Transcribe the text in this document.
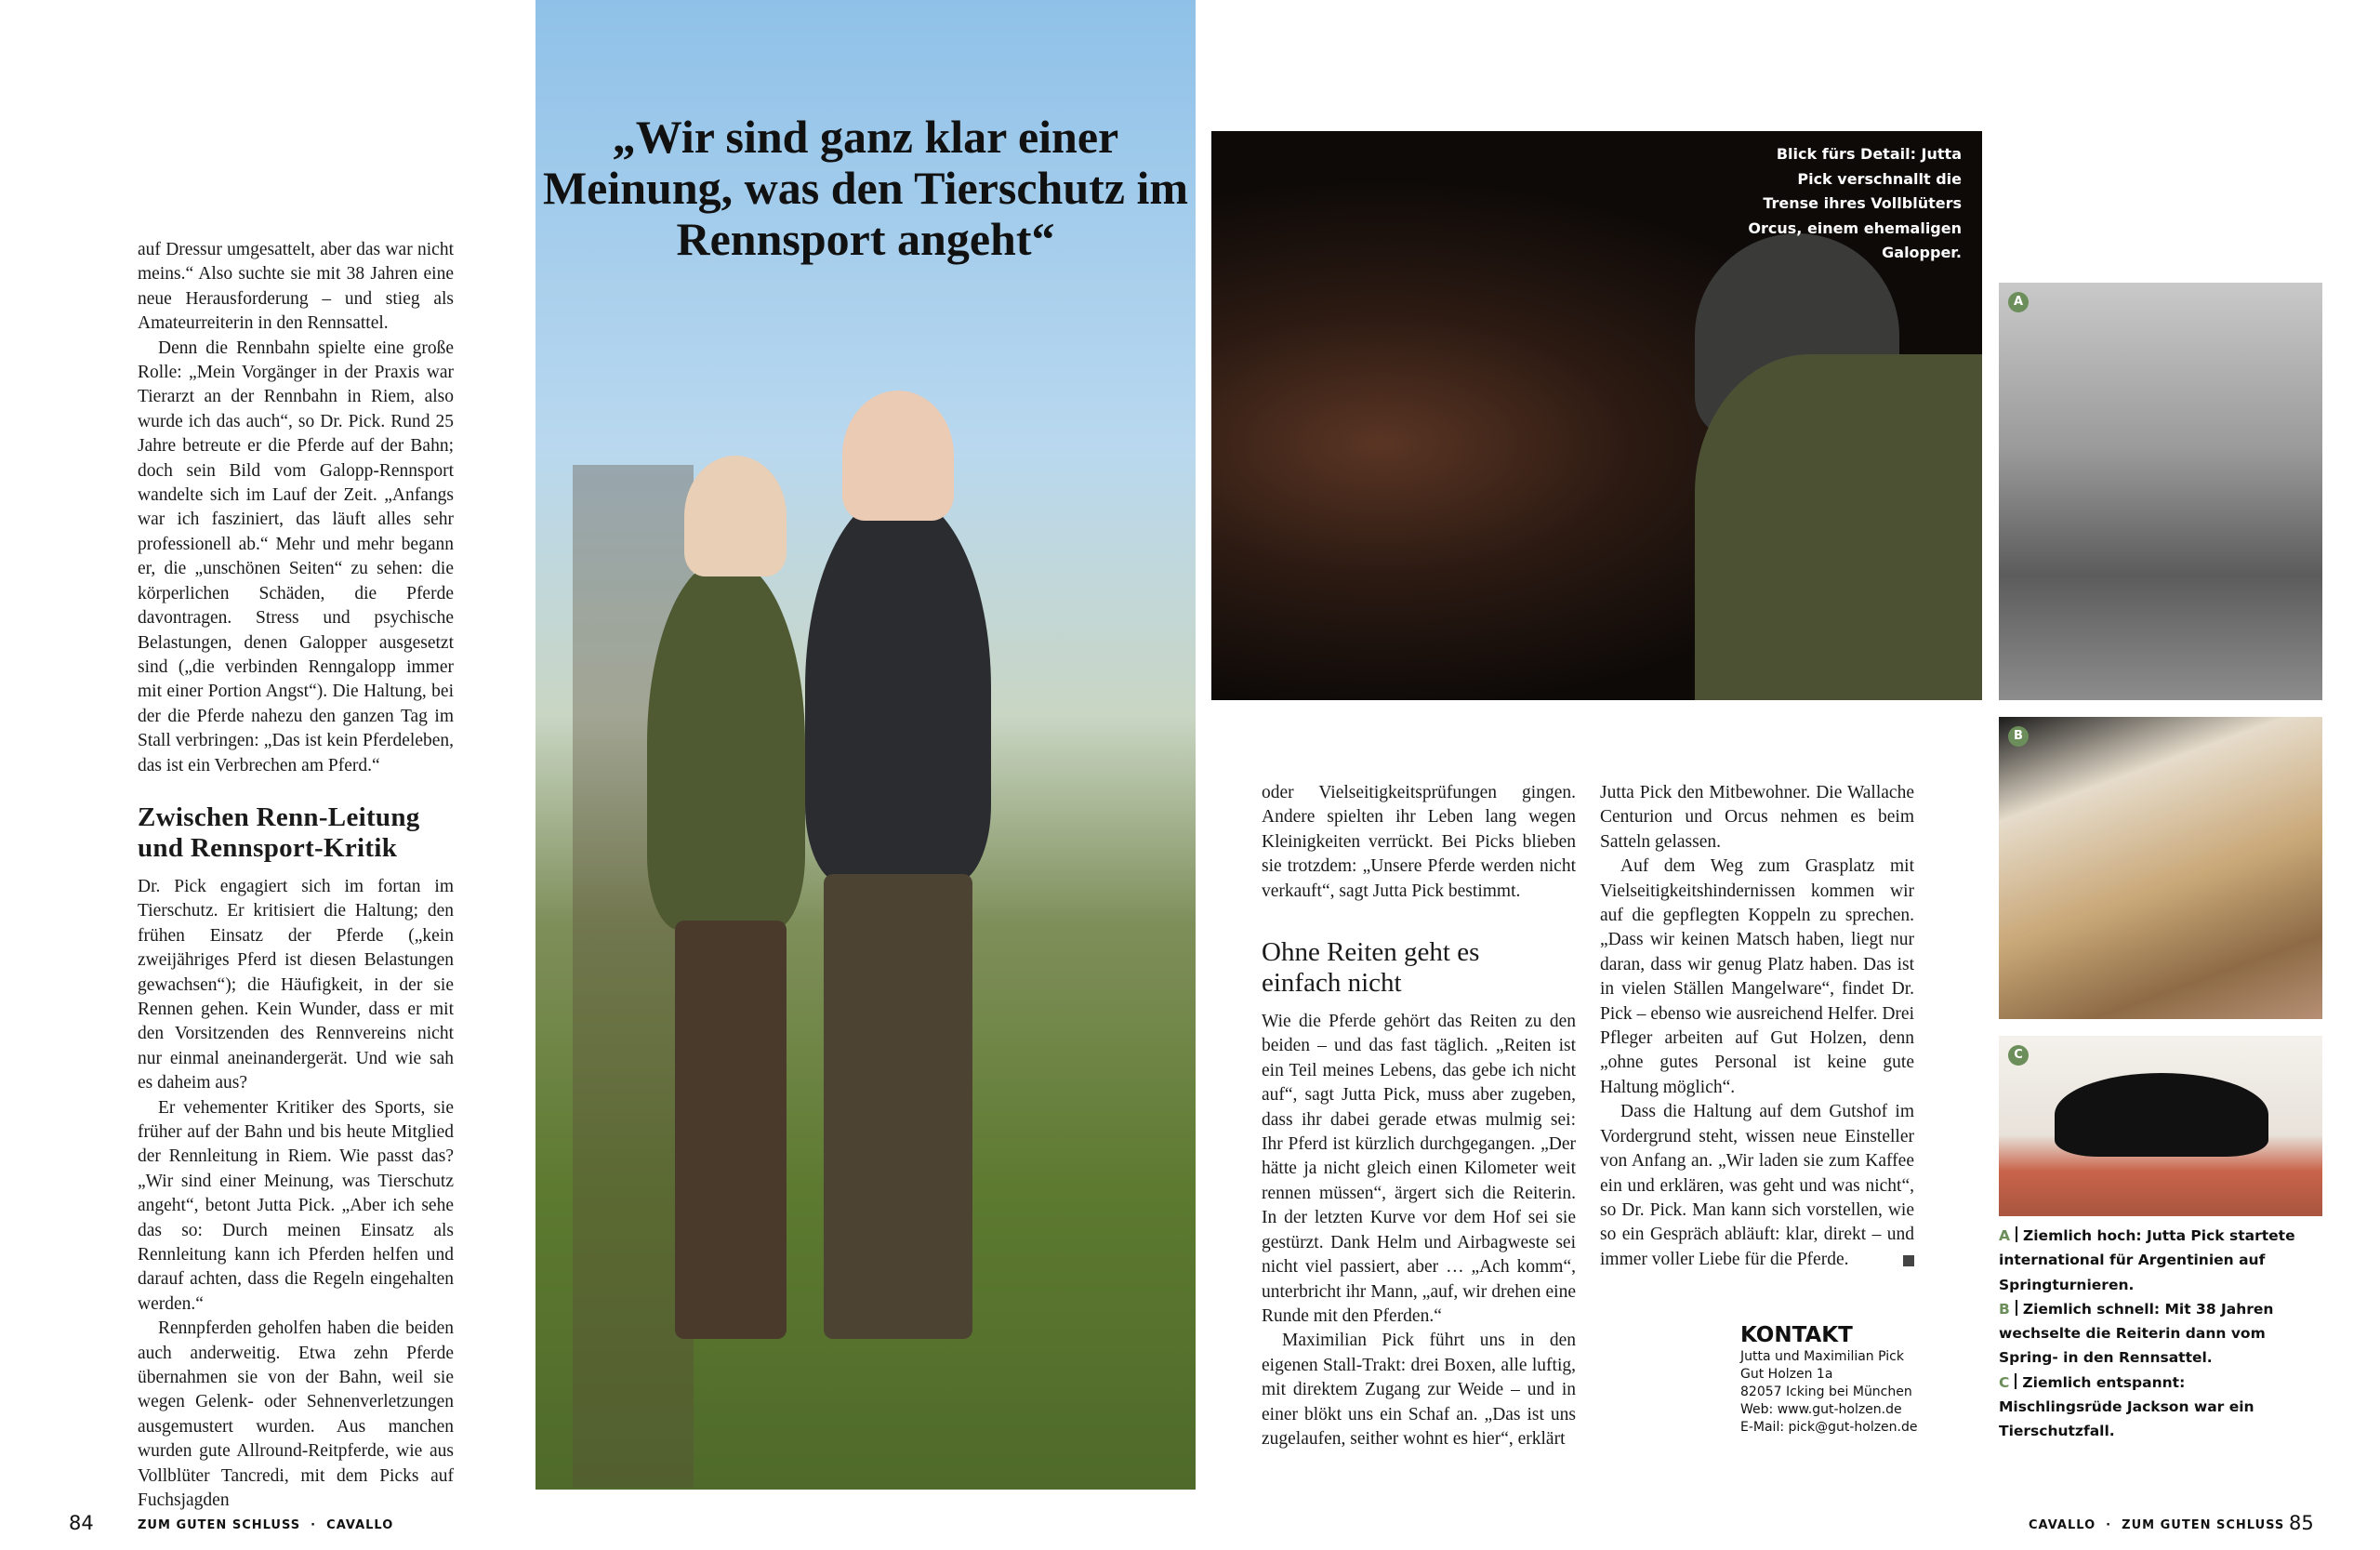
auf Dressur umgesattelt, aber das war nicht meins.“ Also suchte sie mit 38 Jahren eine neue Herausforderung – und stieg als Amateurreiterin in den Rennsattel.

Denn die Rennbahn spielte eine große Rolle: „Mein Vorgänger in der Praxis war Tierarzt an der Rennbahn in Riem, also wurde ich das auch“, so Dr. Pick. Rund 25 Jahre betreute er die Pferde auf der Bahn; doch sein Bild vom Galopp-Rennsport wandelte sich im Lauf der Zeit. „Anfangs war ich fasziniert, das läuft alles sehr professionell ab.“ Mehr und mehr begann er, die „unschönen Seiten“ zu sehen: die körperlichen Schäden, die Pferde davontragen. Stress und psychische Belastungen, denen Galopper ausgesetzt sind („die verbinden Renngalopp immer mit einer Portion Angst“). Die Haltung, bei der die Pferde nahezu den ganzen Tag im Stall verbringen: „Das ist kein Pferdeleben, das ist ein Verbrechen am Pferd.“

Zwischen Renn-Leitung und Rennsport-Kritik

Dr. Pick engagiert sich im fortan im Tierschutz. Er kritisiert die Haltung; den frühen Einsatz der Pferde („kein zweijähriges Pferd ist diesen Belastungen gewachsen“); die Häufigkeit, in der sie Rennen gehen. Kein Wunder, dass er mit den Vorsitzenden des Rennvereins nicht nur einmal aneinandergerät. Und wie sah es daheim aus?

Er vehementer Kritiker des Sports, sie früher auf der Bahn und bis heute Mitglied der Rennleitung in Riem. Wie passt das? „Wir sind einer Meinung, was Tierschutz angeht“, betont Jutta Pick. „Aber ich sehe das so: Durch meinen Einsatz als Rennleitung kann ich Pferden helfen und darauf achten, dass die Regeln eingehalten werden.“

Rennpferden geholfen haben die beiden auch anderweitig. Etwa zehn Pferde übernahmen sie von der Bahn, weil sie wegen Gelenk- oder Sehnenverletzungen ausgemustert wurden. Aus manchen wurden gute Allround-Reitpferde, wie aus Vollblüter Tancredi, mit dem Picks auf Fuchsjagden

„Wir sind ganz klar einer Meinung, was den Tierschutz im Rennsport angeht“
Blick fürs Detail: Jutta Pick verschnallt die Trense ihres Vollblüters Orcus, einem ehemaligen Galopper.

oder Vielseitigkeitsprüfungen gingen. Andere spielten ihr Leben lang wegen Kleinigkeiten verrückt. Bei Picks blieben sie trotzdem: „Unsere Pferde werden nicht verkauft“, sagt Jutta Pick bestimmt.

Ohne Reiten geht es einfach nicht

Wie die Pferde gehört das Reiten zu den beiden – und das fast täglich. „Reiten ist ein Teil meines Lebens, das gebe ich nicht auf“, sagt Jutta Pick, muss aber zugeben, dass ihr dabei gerade etwas mulmig sei: Ihr Pferd ist kürzlich durchgegangen. „Der hätte ja nicht gleich einen Kilometer weit rennen müssen“, ärgert sich die Reiterin. In der letzten Kurve vor dem Hof sei sie gestürzt. Dank Helm und Airbagweste sei nicht viel passiert, aber … „Ach komm“, unterbricht ihr Mann, „auf, wir drehen eine Runde mit den Pferden.“

Maximilian Pick führt uns in den eigenen Stall-Trakt: drei Boxen, alle luftig, mit direktem Zugang zur Weide – und in einer blökt uns ein Schaf an. „Das ist uns zugelaufen, seither wohnt es hier“, erklärt

Jutta Pick den Mitbewohner. Die Wallache Centurion und Orcus nehmen es beim Satteln gelassen.

Auf dem Weg zum Grasplatz mit Vielseitigkeitshindernissen kommen wir auf die gepflegten Koppeln zu sprechen. „Dass wir keinen Matsch haben, liegt nur daran, dass wir genug Platz haben. Das ist in vielen Ställen Mangelware“, findet Dr. Pick – ebenso wie ausreichend Helfer. Drei Pfleger arbeiten auf Gut Holzen, denn „ohne gutes Personal ist keine gute Haltung möglich“.

Dass die Haltung auf dem Gutshof im Vordergrund steht, wissen neue Einsteller von Anfang an. „Wir laden sie zum Kaffee ein und erklären, was geht und was nicht“, so Dr. Pick. Man kann sich vorstellen, wie so ein Gespräch abläuft: klar, direkt – und immer voller Liebe für die Pferde.

KONTAKT
Jutta und Maximilian Pick
Gut Holzen 1a
82057 Icking bei München
Web: www.gut-holzen.de
E-Mail: pick@gut-holzen.de
A
B
C
A Ziemlich hoch: Jutta Pick startete international für Argentinien auf Springturnieren.
B Ziemlich schnell: Mit 38 Jahren wechselte die Reiterin dann vom Spring- in den Rennsattel.
C Ziemlich entspannt: Mischlingsrüde Jackson war ein Tierschutzfall.
84	ZUM GUTEN SCHLUSS  ·  CAVALLO	CAVALLO  ·  ZUM GUTEN SCHLUSS 85
